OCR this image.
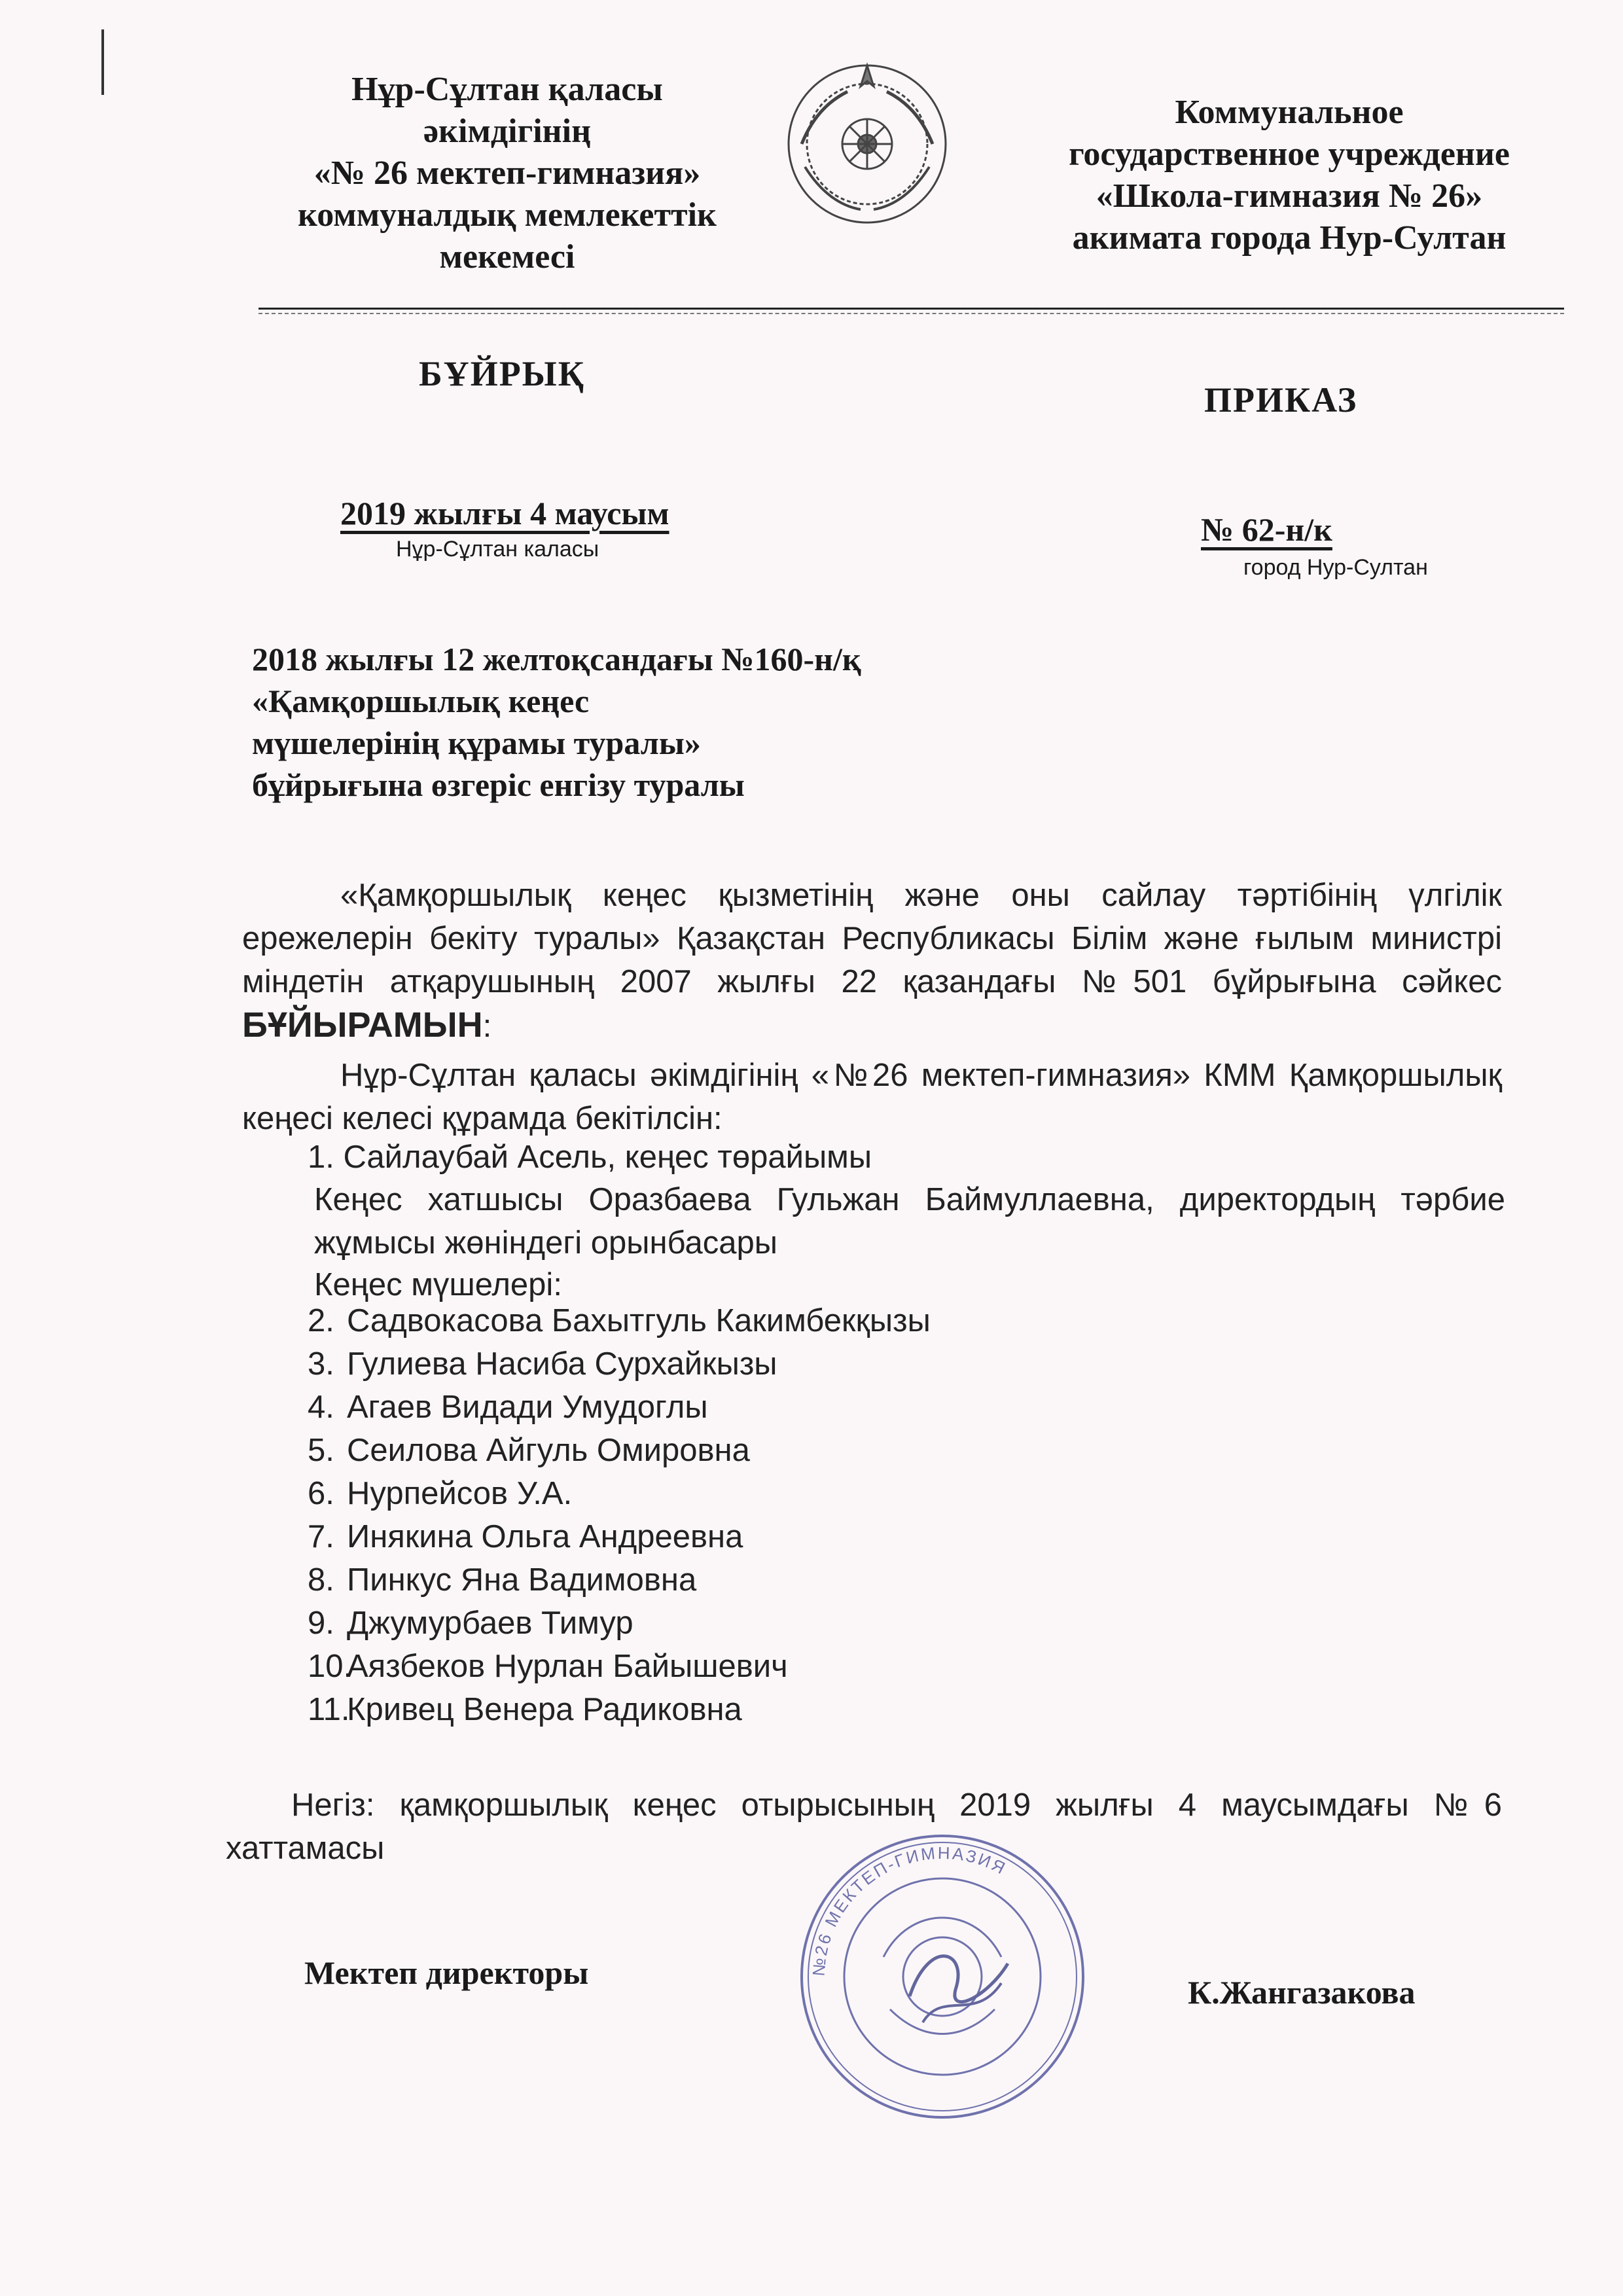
Нұр-Сұлтан қаласы
әкімдігінің
«№ 26 мектеп-гимназия»
коммуналдық мемлекеттік
мекемесі
Коммунальное
государственное учреждение
«Школа-гимназия № 26»
акимата города Нур-Султан
БҰЙРЫҚ
ПРИКАЗ
2019 жылғы 4 маусым
Нұр-Сұлтан каласы
№ 62-н/к
город Нур-Султан
2018 жылғы 12 желтоқсандағы №160-н/қ
«Қамқоршылық кеңес
мүшелерінің құрамы туралы»
бұйрығына өзгеріс енгізу туралы
«Қамқоршылық кеңес қызметінің және оны сайлау тәртібінің үлгілік ережелерін бекіту туралы» Қазақстан Республикасы Білім және ғылым министрі міндетін атқарушының 2007 жылғы 22 қазандағы №501 бұйрығына сәйкес БҰЙЫРАМЫН:
Нұр-Сұлтан қаласы әкімдігінің «№26 мектеп-гимназия» КММ Қамқоршылық кеңесі келесі құрамда бекітілсін:
1. Сайлаубай Асель, кеңес төрайымы
Кеңес хатшысы Оразбаева Гульжан Баймуллаевна, директордың тәрбие жұмысы жөніндегі орынбасары
Кеңес мүшелері:
2. Садвокасова Бахытгуль Какимбекқызы
3. Гулиева Насиба Сурхайкызы
4. Агаев Видади Умудоглы
5. Сеилова Айгуль Омировна
6. Нурпейсов У.А.
7. Инякина Ольга Андреевна
8. Пинкус Яна Вадимовна
9. Джумурбаев Тимур
10.Аязбеков Нурлан Байышевич
11.Кривец Венера Радиковна
Негіз: қамқоршылық кеңес отырысының 2019 жылғы 4 маусымдағы №6 хаттамасы
Мектеп директоры	№26 МЕКТЕП-ГИМНАЗИЯ
К.Жангазакова
